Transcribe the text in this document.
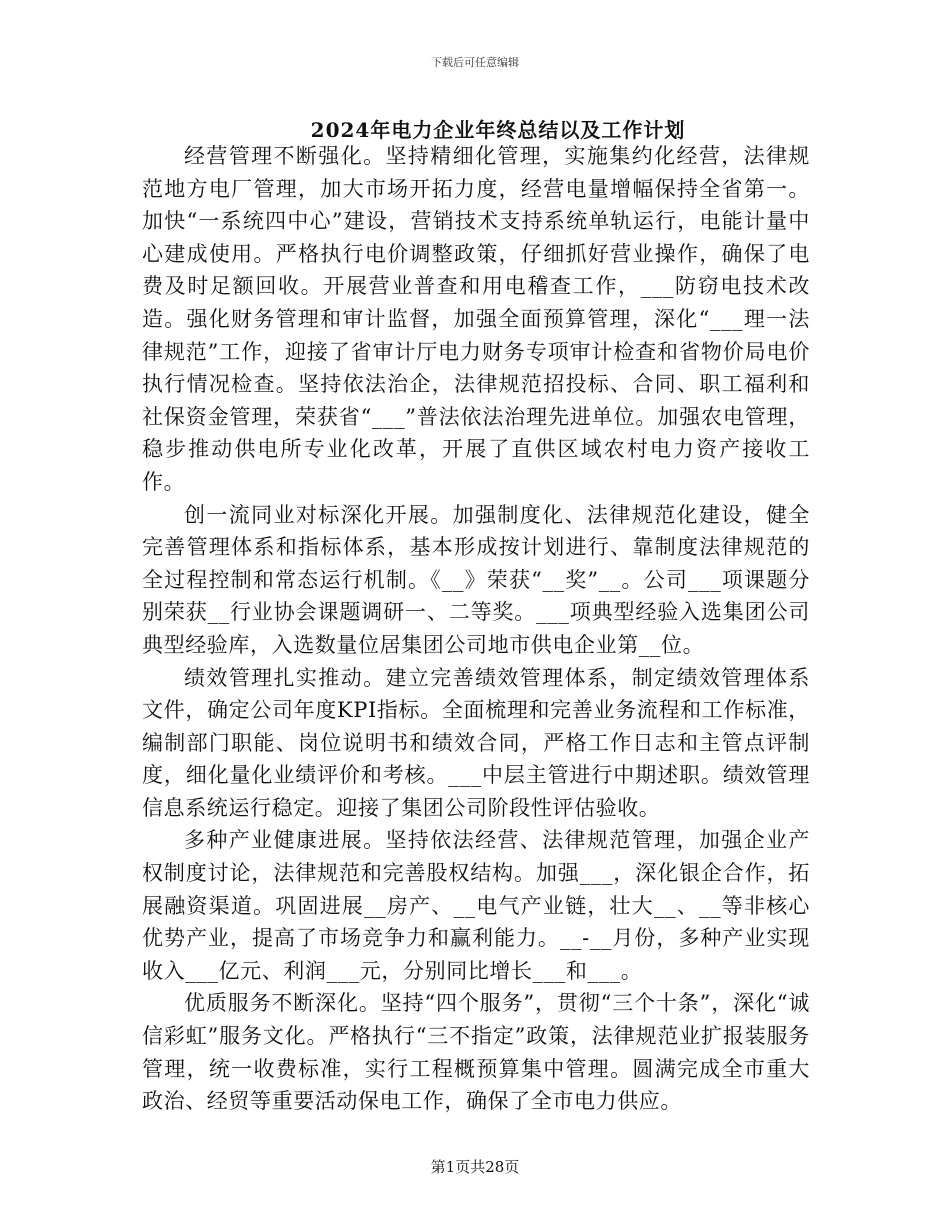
下载后可任意编辑
2024年电力企业年终总结以及工作计划

经营管理不断强化。坚持精细化管理，实施集约化经营，法律规范地方电厂管理，加大市场开拓力度，经营电量增幅保持全省第一。加快“一系统四中心”建设，营销技术支持系统单轨运行，电能计量中心建成使用。严格执行电价调整政策，仔细抓好营业操作，确保了电费及时足额回收。开展营业普查和用电稽查工作，___防窃电技术改造。强化财务管理和审计监督，加强全面预算管理，深化“___理一法律规范”工作，迎接了省审计厅电力财务专项审计检查和省物价局电价执行情况检查。坚持依法治企，法律规范招投标、合同、职工福利和社保资金管理，荣获省“___”普法依法治理先进单位。加强农电管理，稳步推动供电所专业化改革，开展了直供区域农村电力资产接收工作。

创一流同业对标深化开展。加强制度化、法律规范化建设，健全完善管理体系和指标体系，基本形成按计划进行、靠制度法律规范的全过程控制和常态运行机制。《__》荣获“__奖”__。公司___项课题分别荣获__行业协会课题调研一、二等奖。___项典型经验入选集团公司典型经验库，入选数量位居集团公司地市供电企业第__位。

绩效管理扎实推动。建立完善绩效管理体系，制定绩效管理体系文件，确定公司年度KPI指标。全面梳理和完善业务流程和工作标准，编制部门职能、岗位说明书和绩效合同，严格工作日志和主管点评制度，细化量化业绩评价和考核。___中层主管进行中期述职。绩效管理信息系统运行稳定。迎接了集团公司阶段性评估验收。

多种产业健康进展。坚持依法经营、法律规范管理，加强企业产权制度讨论，法律规范和完善股权结构。加强___，深化银企合作，拓展融资渠道。巩固进展__房产、__电气产业链，壮大__、__等非核心优势产业，提高了市场竞争力和赢利能力。__-__月份，多种产业实现收入___亿元、利润___元，分别同比增长___和___。

优质服务不断深化。坚持“四个服务”，贯彻“三个十条”，深化“诚信彩虹”服务文化。严格执行“三不指定”政策，法律规范业扩报装服务管理，统一收费标准，实行工程概预算集中管理。圆满完成全市重大政治、经贸等重要活动保电工作，确保了全市电力供应。

第1页共28页
